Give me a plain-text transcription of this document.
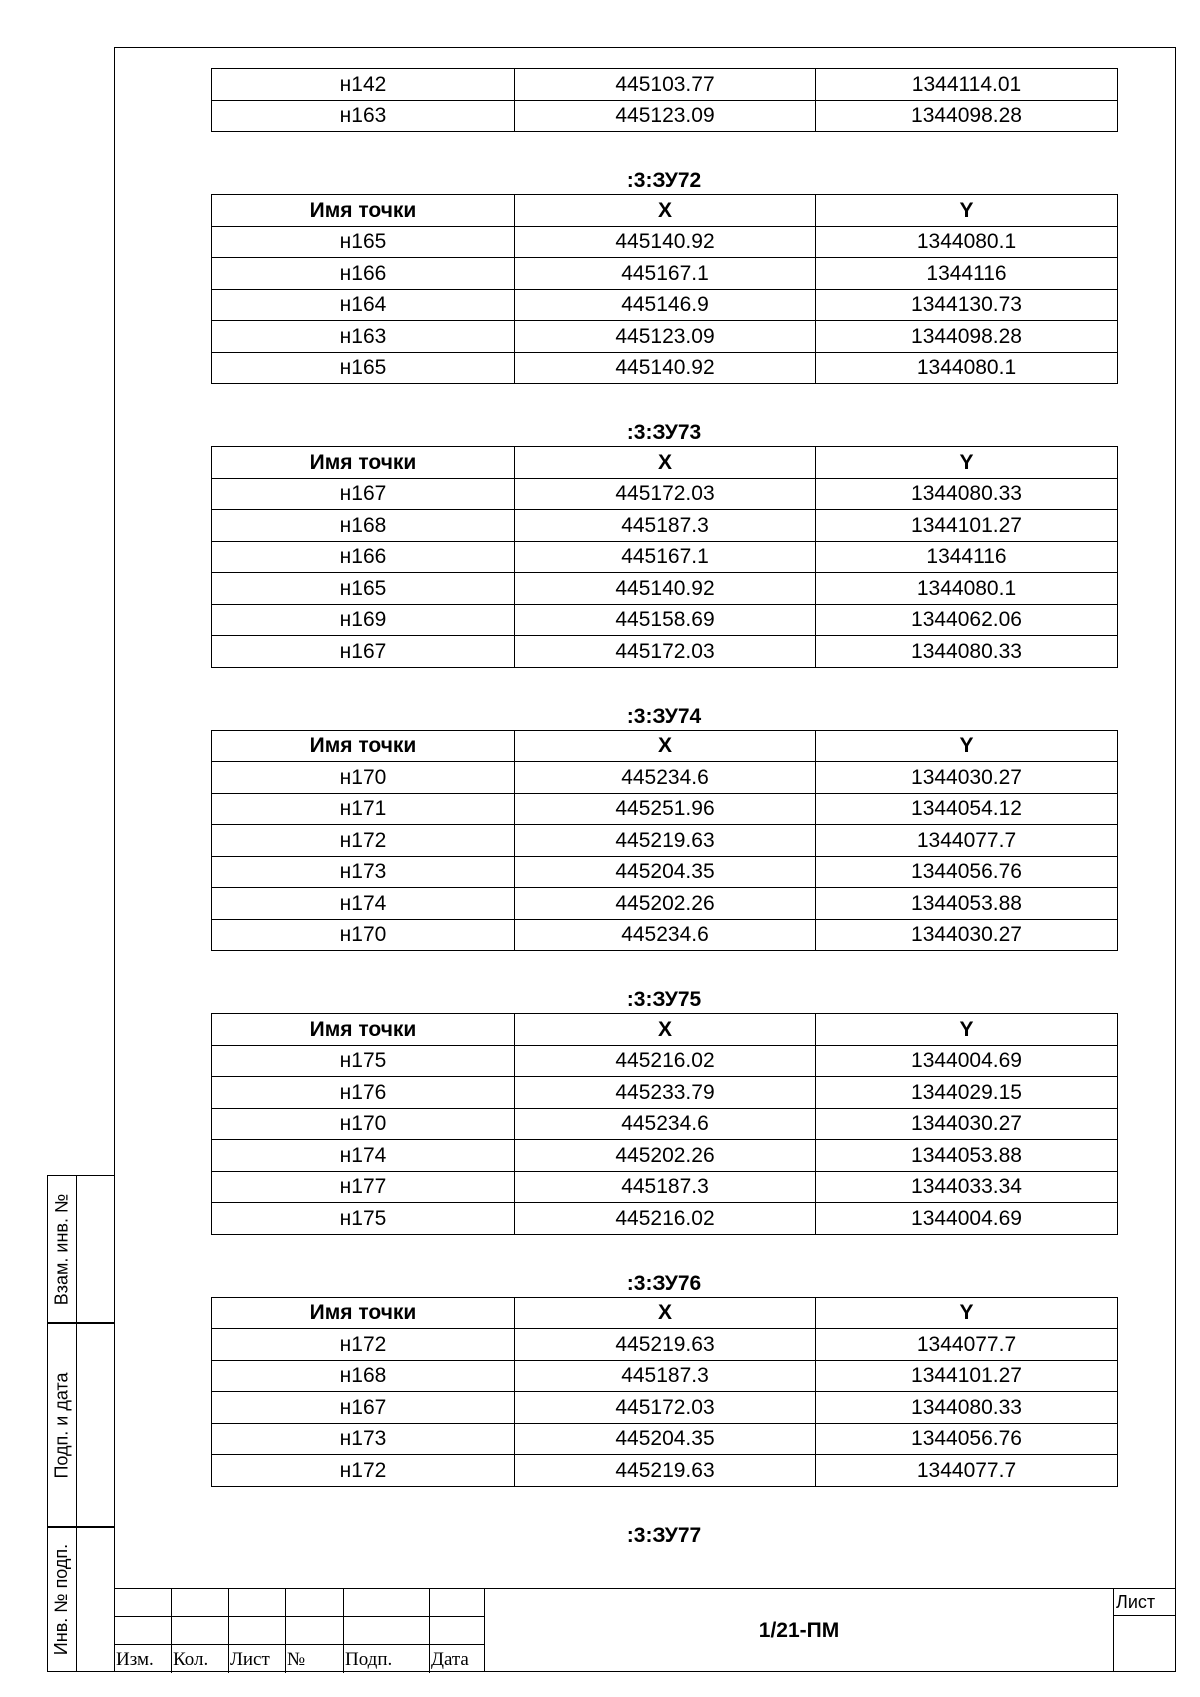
Взам. инв. №
Подп. и дата
Инв. № подп.
н142	445103.77	1344114.01
н163	445123.09	1344098.28
:3:ЗУ72
Имя точки	X	Y
н165	445140.92	1344080.1
н166	445167.1	1344116
н164	445146.9	1344130.73
н163	445123.09	1344098.28
н165	445140.92	1344080.1
:3:ЗУ73
Имя точки	X	Y
н167	445172.03	1344080.33
н168	445187.3	1344101.27
н166	445167.1	1344116
н165	445140.92	1344080.1
н169	445158.69	1344062.06
н167	445172.03	1344080.33
:3:ЗУ74
Имя точки	X	Y
н170	445234.6	1344030.27
н171	445251.96	1344054.12
н172	445219.63	1344077.7
н173	445204.35	1344056.76
н174	445202.26	1344053.88
н170	445234.6	1344030.27
:3:ЗУ75
Имя точки	X	Y
н175	445216.02	1344004.69
н176	445233.79	1344029.15
н170	445234.6	1344030.27
н174	445202.26	1344053.88
н177	445187.3	1344033.34
н175	445216.02	1344004.69
:3:ЗУ76
Имя точки	X	Y
н172	445219.63	1344077.7
н168	445187.3	1344101.27
н167	445172.03	1344080.33
н173	445204.35	1344056.76
н172	445219.63	1344077.7
:3:ЗУ77
Изм. Кол. Лист № Подп. Дата
1/21-ПМ
Лист
